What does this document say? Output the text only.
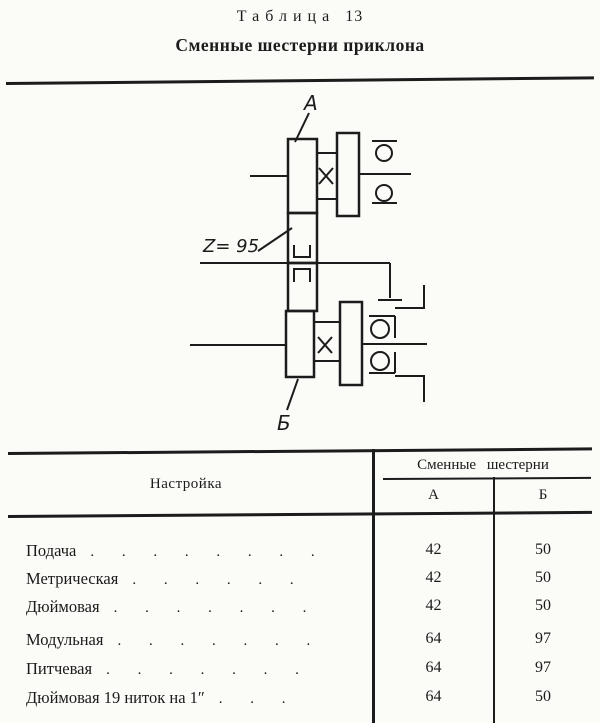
Таблица 13
Сменные шестерни приклона
А
Z= 95
Б
Настройка
Сменные шестерни
А	Б
Подача . . . . . . . .	42	50
Метрическая . . . . . .	42	50
Дюймовая . . . . . . .	42	50
Модульная . . . . . . .	64	97
Питчевая . . . . . . .	64	97
Дюймовая 19 ниток на 1″ . . .	64	50
